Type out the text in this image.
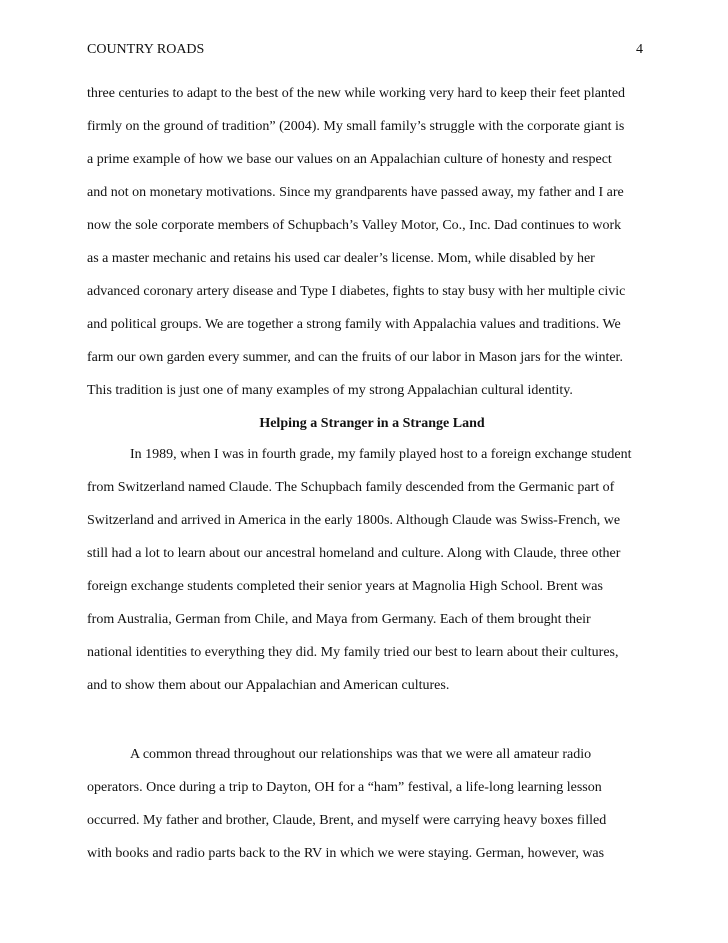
COUNTRY ROADS	4
three centuries to adapt to the best of the new while working very hard to keep their feet planted
firmly on the ground of tradition” (2004). My small family’s struggle with the corporate giant is
a prime example of how we base our values on an Appalachian culture of honesty and respect
and not on monetary motivations. Since my grandparents have passed away, my father and I are
now the sole corporate members of Schupbach’s Valley Motor, Co., Inc. Dad continues to work
as a master mechanic and retains his used car dealer’s license. Mom, while disabled by her
advanced coronary artery disease and Type I diabetes, fights to stay busy with her multiple civic
and political groups. We are together a strong family with Appalachia values and traditions. We
farm our own garden every summer, and can the fruits of our labor in Mason jars for the winter.
This tradition is just one of many examples of my strong Appalachian cultural identity.
Helping a Stranger in a Strange Land
In 1989, when I was in fourth grade, my family played host to a foreign exchange student
from Switzerland named Claude. The Schupbach family descended from the Germanic part of
Switzerland and arrived in America in the early 1800s. Although Claude was Swiss-French, we
still had a lot to learn about our ancestral homeland and culture. Along with Claude, three other
foreign exchange students completed their senior years at Magnolia High School. Brent was
from Australia, German from Chile, and Maya from Germany. Each of them brought their
national identities to everything they did. My family tried our best to learn about their cultures,
and to show them about our Appalachian and American cultures.
A common thread throughout our relationships was that we were all amateur radio
operators. Once during a trip to Dayton, OH for a “ham” festival, a life-long learning lesson
occurred. My father and brother, Claude, Brent, and myself were carrying heavy boxes filled
with books and radio parts back to the RV in which we were staying. German, however, was
